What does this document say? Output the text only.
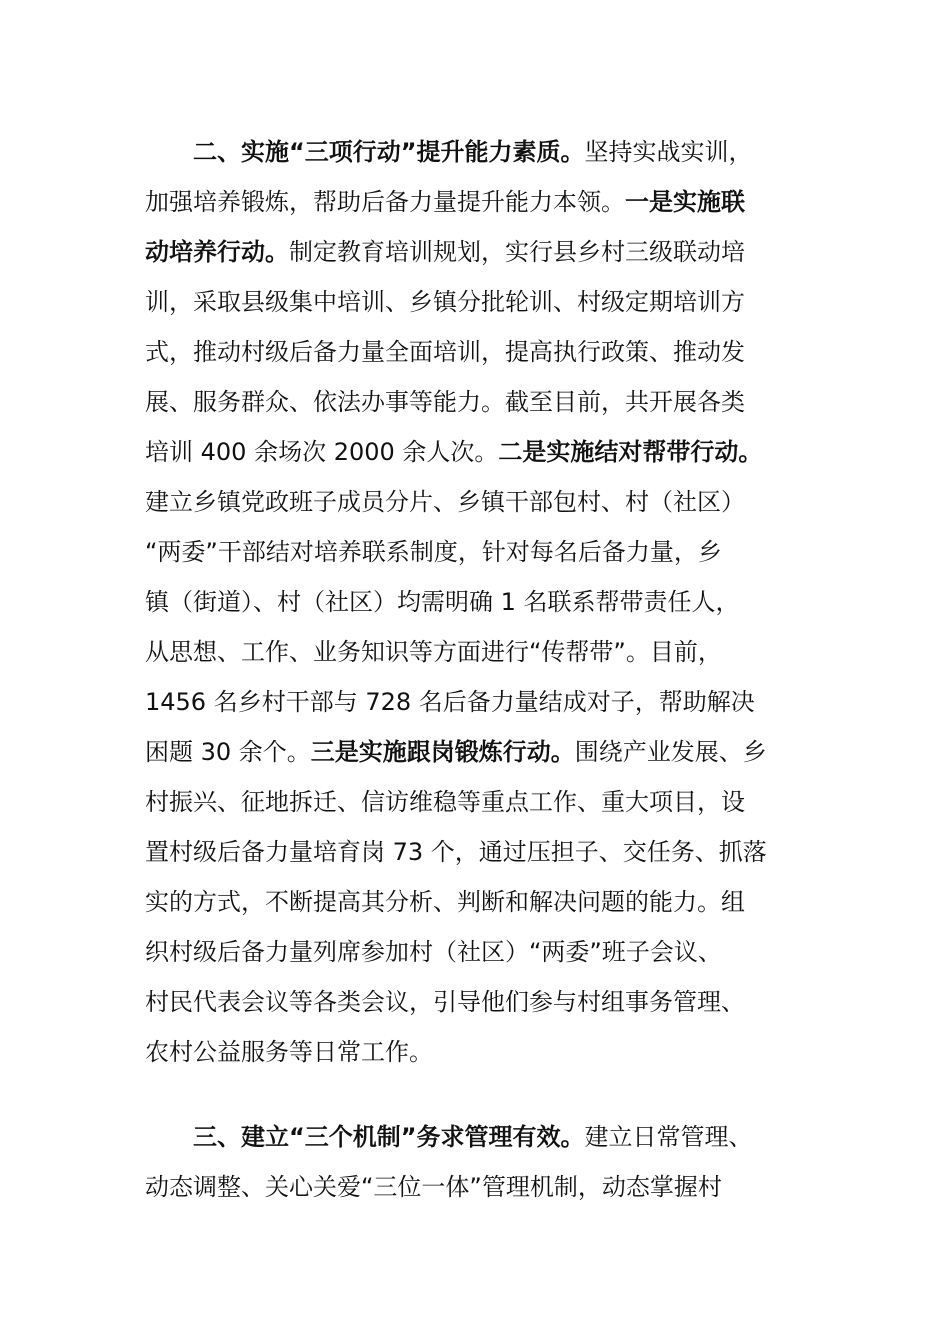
二、实施“三项行动”提升能力素质。坚持实战实训，
加强培养锻炼，帮助后备力量提升能力本领。一是实施联
动培养行动。制定教育培训规划，实行县乡村三级联动培
训，采取县级集中培训、乡镇分批轮训、村级定期培训方
式，推动村级后备力量全面培训，提高执行政策、推动发
展、服务群众、依法办事等能力。截至目前，共开展各类
培训 400 余场次 2000 余人次。二是实施结对帮带行动。
建立乡镇党政班子成员分片、乡镇干部包村、村（社区）
“两委”干部结对培养联系制度，针对每名后备力量，乡
镇（街道）、村（社区）均需明确 1 名联系帮带责任人，
从思想、工作、业务知识等方面进行“传帮带”。目前，
1456 名乡村干部与 728 名后备力量结成对子，帮助解决
困题 30 余个。三是实施跟岗锻炼行动。围绕产业发展、乡
村振兴、征地拆迁、信访维稳等重点工作、重大项目，设
置村级后备力量培育岗 73 个，通过压担子、交任务、抓落
实的方式，不断提高其分析、判断和解决问题的能力。组
织村级后备力量列席参加村（社区）“两委”班子会议、
村民代表会议等各类会议，引导他们参与村组事务管理、
农村公益服务等日常工作。
三、建立“三个机制”务求管理有效。建立日常管理、
动态调整、关心关爱“三位一体”管理机制，动态掌握村
